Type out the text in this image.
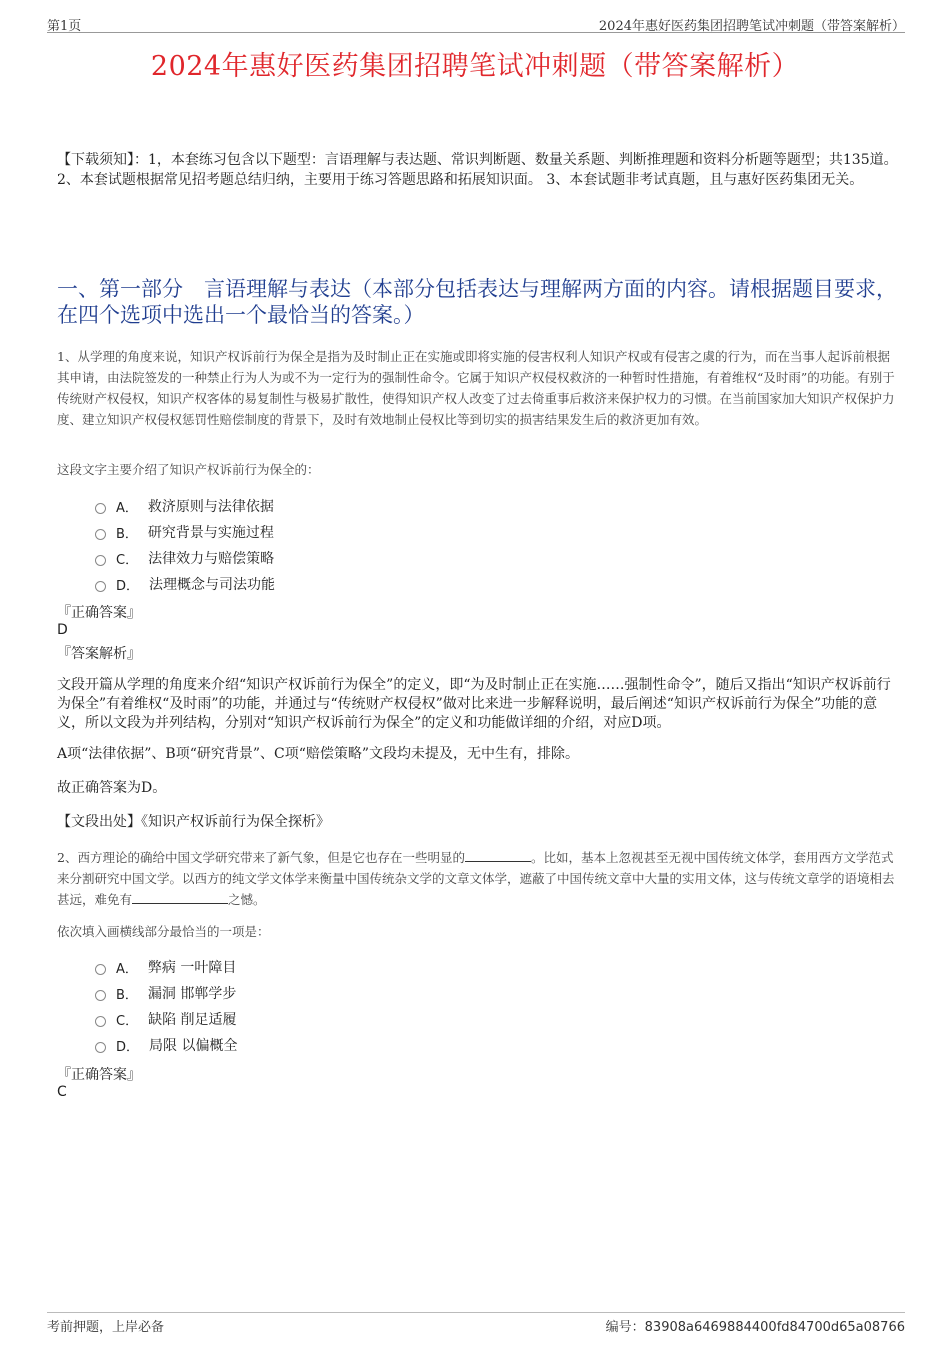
第1页	2024年惠好医药集团招聘笔试冲刺题（带答案解析）
2024年惠好医药集团招聘笔试冲刺题（带答案解析）
【下载须知】：1，本套练习包含以下题型：言语理解与表达题、常识判断题、数量关系题、判断推理题和资料分析题等题型；共135道。 2、本套试题根据常见招考题总结归纳，主要用于练习答题思路和拓展知识面。 3、本套试题非考试真题，且与惠好医药集团无关。
一、第一部分　言语理解与表达（本部分包括表达与理解两方面的内容。请根据题目要求，在四个选项中选出一个最恰当的答案。）
1、从学理的角度来说，知识产权诉前行为保全是指为及时制止正在实施或即将实施的侵害权利人知识产权或有侵害之虞的行为，而在当事人起诉前根据其申请，由法院签发的一种禁止行为人为或不为一定行为的强制性命令。它属于知识产权侵权救济的一种暂时性措施，有着维权“及时雨”的功能。有别于传统财产权侵权，知识产权客体的易复制性与极易扩散性，使得知识产权人改变了过去倚重事后救济来保护权力的习惯。在当前国家加大知识产权保护力度、建立知识产权侵权惩罚性赔偿制度的背景下，及时有效地制止侵权比等到切实的损害结果发生后的救济更加有效。
这段文字主要介绍了知识产权诉前行为保全的：
A． 救济原则与法律依据
B． 研究背景与实施过程
C． 法律效力与赔偿策略
D． 法理概念与司法功能
『正确答案』
D
『答案解析』
文段开篇从学理的角度来介绍“知识产权诉前行为保全”的定义，即“为及时制止正在实施……强制性命令”，随后又指出“知识产权诉前行为保全”有着维权“及时雨”的功能，并通过与“传统财产权侵权”做对比来进一步解释说明，最后阐述“知识产权诉前行为保全”功能的意义，所以文段为并列结构，分别对“知识产权诉前行为保全”的定义和功能做详细的介绍，对应D项。
A项“法律依据”、B项“研究背景”、C项“赔偿策略”文段均未提及，无中生有，排除。
故正确答案为D。
【文段出处】《知识产权诉前行为保全探析》
2、西方理论的确给中国文学研究带来了新气象，但是它也存在一些明显的	。比如，基本上忽视甚至无视中国传统文体学，套用西方文学范式来分割研究中国文学。以西方的纯文学文体学来衡量中国传统杂文学的文章文体学，遮蔽了中国传统文章中大量的实用文体，这与传统文章学的语境相去甚远，难免有	之憾。
依次填入画横线部分最恰当的一项是：
A． 弊病 一叶障目
B． 漏洞 邯郸学步
C． 缺陷 削足适履
D． 局限 以偏概全
『正确答案』
C
考前押题，上岸必备	编号：83908a6469884400fd84700d65a08766
